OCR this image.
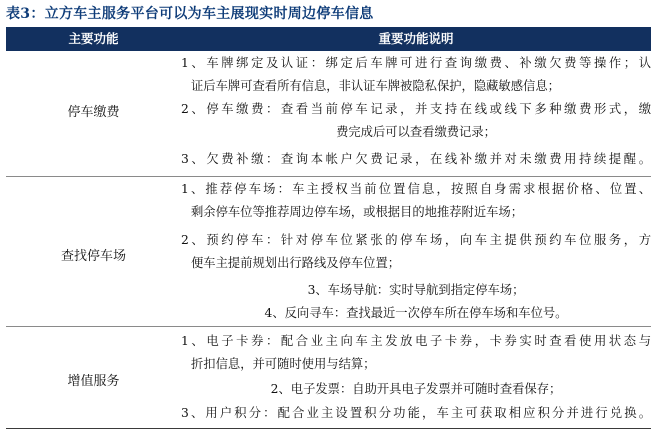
表3：立方车主服务平台可以为车主展现实时周边停车信息
主要功能	重要功能说明
停车缴费
1、车牌绑定及认证：绑定后车牌可进行查询缴费、补缴欠费等操作；认
证后车牌可查看所有信息，非认证车牌被隐私保护，隐藏敏感信息；
2、停车缴费：查看当前停车记录，并支持在线或线下多种缴费形式，缴
费完成后可以查看缴费记录；
3、欠费补缴：查询本帐户欠费记录，在线补缴并对未缴费用持续提醒。
查找停车场
1、推荐停车场：车主授权当前位置信息，按照自身需求根据价格、位置、
剩余停车位等推荐周边停车场，或根据目的地推荐附近车场；
2、预约停车：针对停车位紧张的停车场，向车主提供预约车位服务，方
便车主提前规划出行路线及停车位置；
3、车场导航：实时导航到指定停车场；
4、反向寻车：查找最近一次停车所在停车场和车位号。
增值服务
1、电子卡券：配合业主向车主发放电子卡券，卡券实时查看使用状态与
折扣信息，并可随时使用与结算；
2、电子发票：自助开具电子发票并可随时查看保存；
3、用户积分：配合业主设置积分功能，车主可获取相应积分并进行兑换。
